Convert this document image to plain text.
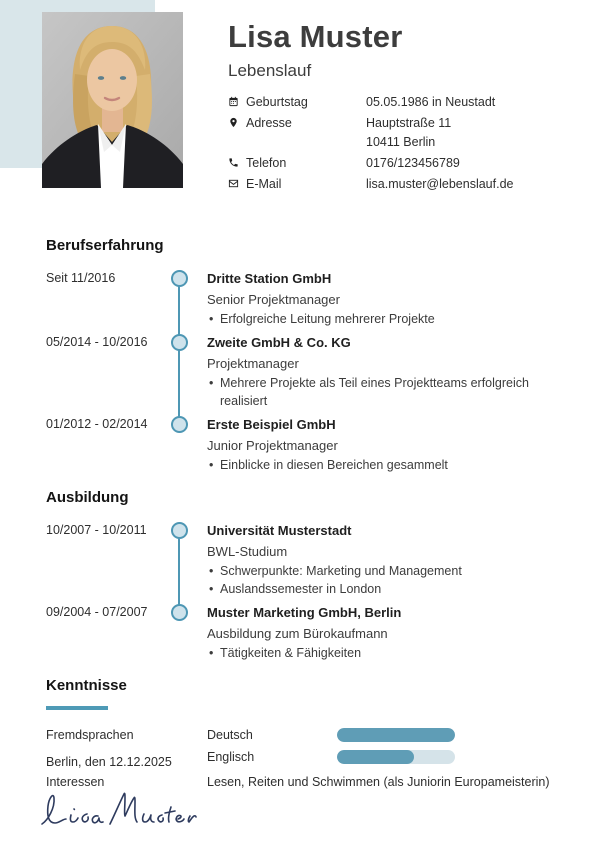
Lisa Muster
Lebenslauf
Geburtstag	05.05.1986 in Neustadt
Adresse	Hauptstraße 11
10411 Berlin
Telefon	0176/123456789
E-Mail	lisa.muster@lebenslauf.de
Berufserfahrung
Seit 11/2016	Dritte Station GmbH
Senior Projektmanager
• Erfolgreiche Leitung mehrerer Projekte
05/2014 - 10/2016	Zweite GmbH & Co. KG
Projektmanager
• Mehrere Projekte als Teil eines Projektteams erfolgreich realisiert
01/2012 - 02/2014	Erste Beispiel GmbH
Junior Projektmanager
• Einblicke in diesen Bereichen gesammelt
Ausbildung
10/2007 - 10/2011	Universität Musterstadt
BWL-Studium
• Schwerpunkte: Marketing und Management
• Auslandssemester in London
09/2004 - 07/2007	Muster Marketing GmbH, Berlin
Ausbildung zum Bürokaufmann
• Tätigkeiten & Fähigkeiten
Kenntnisse
Fremdsprachen	Deutsch
Englisch
Interessen	Lesen, Reiten und Schwimmen (als Juniorin Europameisterin)
Berlin, den 12.12.2025
